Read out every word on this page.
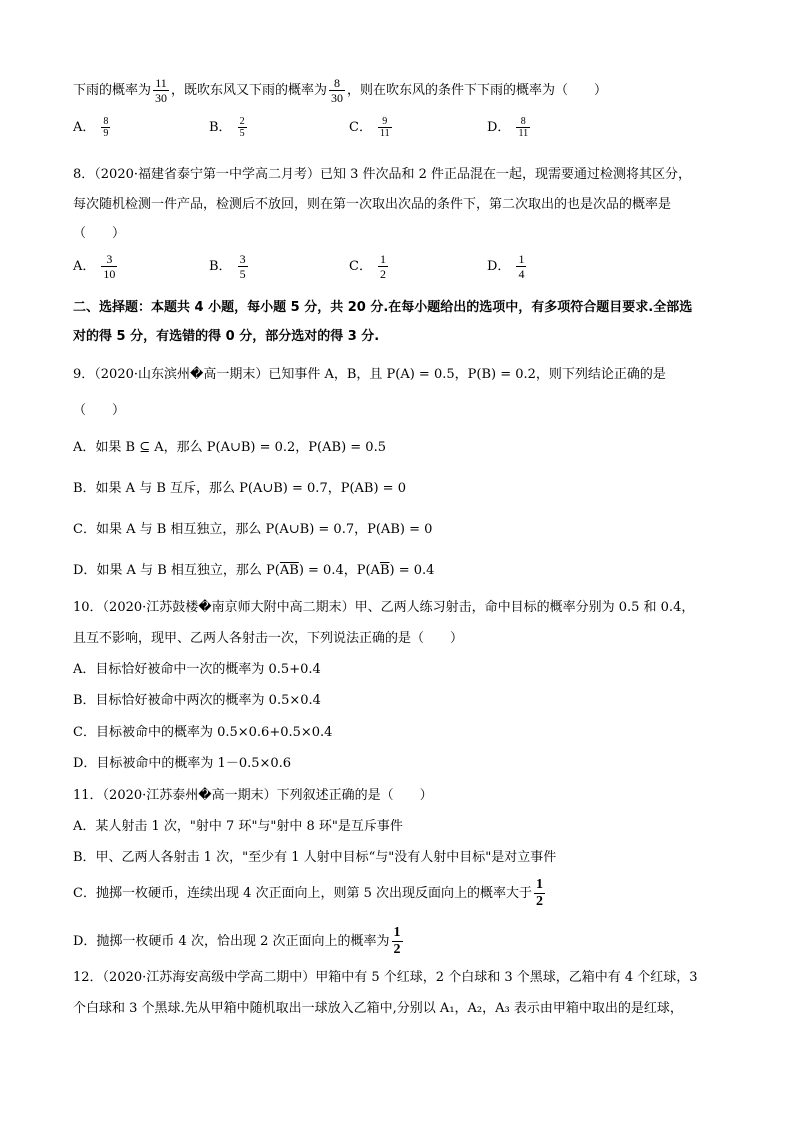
下雨的概率为 $\frac{11}{30}$ ，既吹东风又下雨的概率为 $\frac{8}{30}$ ，则在吹东风的条件下下雨的概率为（　　）
A． $\frac{8}{9}$	B． $\frac{2}{5}$	C． $\frac{9}{11}$	D． $\frac{8}{11}$
8．（2020·福建省泰宁第一中学高二月考）已知 3 件次品和 2 件正品混在一起，现需要通过检测将其区分，
每次随机检测一件产品，检测后不放回，则在第一次取出次品的条件下，第二次取出的也是次品的概率是
（　　）
A． $\frac{3}{10}$	B． $\frac{3}{5}$	C． $\frac{1}{2}$	D． $\frac{1}{4}$
二、选择题：本题共 4 小题，每小题 5 分，共 20 分.在每小题给出的选项中，有多项符合题目要求.全部选
对的得 5 分，有选错的得 0 分，部分选对的得 3 分.
9．（2020·山东滨州�高一期末）已知事件 A，B，且 P(A) = 0.5，P(B) = 0.2，则下列结论正确的是
（　　）
A．如果 B ⊆ A，那么 P(A∪B) = 0.2，P(AB) = 0.5
B．如果 A 与 B 互斥，那么 P(A∪B) = 0.7，P(AB) = 0
C．如果 A 与 B 相互独立，那么 P(A∪B) = 0.7，P(AB) = 0
D．如果 A 与 B 相互独立，那么 $P(\overline{AB}) = 0.4$，$P(A\overline{B}) = 0.4$
10．（2020·江苏鼓楼�南京师大附中高二期末）甲、乙两人练习射击，命中目标的概率分别为 0.5 和 0.4，
且互不影响，现甲、乙两人各射击一次，下列说法正确的是（　　）
A．目标恰好被命中一次的概率为 0.5+0.4
B．目标恰好被命中两次的概率为 0.5×0.4
C．目标被命中的概率为 0.5×0.6+0.5×0.4
D．目标被命中的概率为 1－0.5×0.6
11．（2020·江苏泰州�高一期末）下列叙述正确的是（　　）
A．某人射击 1 次，"射中 7 环"与"射中 8 环"是互斥事件
B．甲、乙两人各射击 1 次，"至少有 1 人射中目标“与"没有人射中目标"是对立事件
C．抛掷一枚硬币，连续出现 4 次正面向上，则第 5 次出现反面向上的概率大于 $\frac{1}{2}$
D．抛掷一枚硬币 4 次，恰出现 2 次正面向上的概率为 $\frac{1}{2}$
12．（2020·江苏海安高级中学高二期中）甲箱中有 5 个红球，2 个白球和 3 个黑球，乙箱中有 4 个红球，3
个白球和 3 个黑球.先从甲箱中随机取出一球放入乙箱中,分别以 A₁，A₂，A₃ 表示由甲箱中取出的是红球，
